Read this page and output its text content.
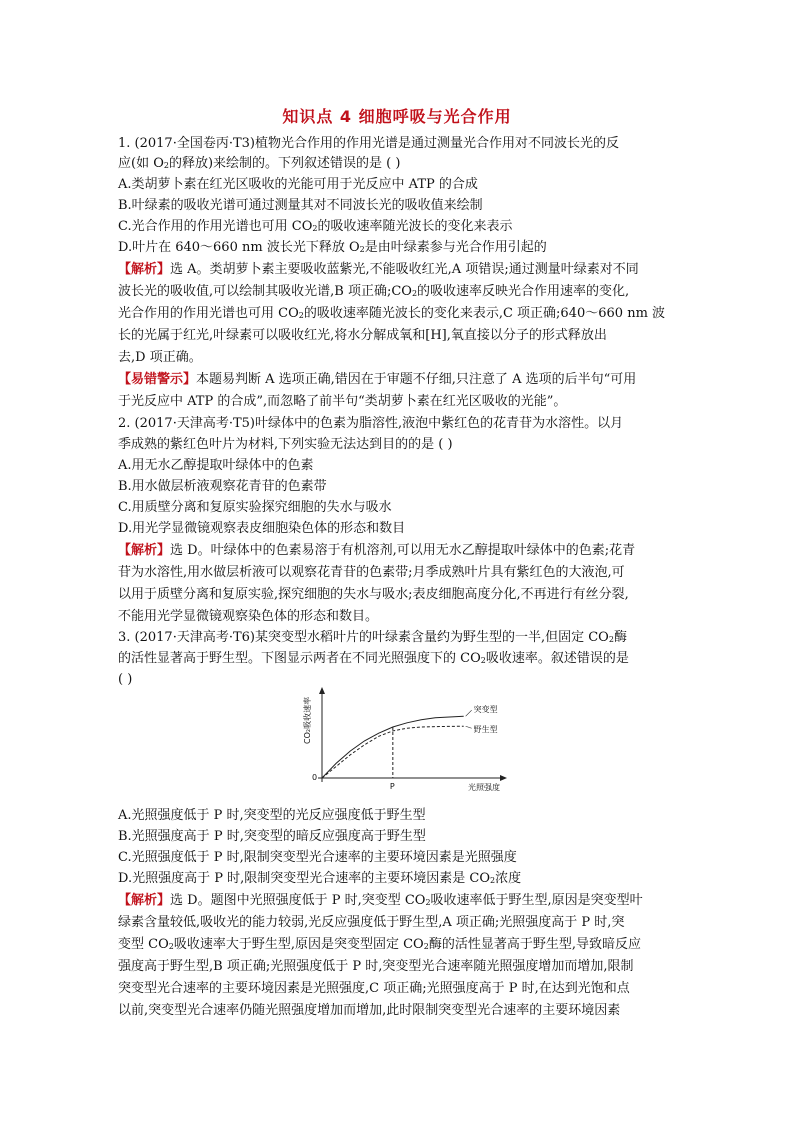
知识点 4 细胞呼吸与光合作用
1. (2017·全国卷丙·T3)植物光合作用的作用光谱是通过测量光合作用对不同波长光的反
应(如 $O_2$的释放)来绘制的。下列叙述错误的是 ( )
A.类胡萝卜素在红光区吸收的光能可用于光反应中 ATP 的合成
B.叶绿素的吸收光谱可通过测量其对不同波长光的吸收值来绘制
C.光合作用的作用光谱也可用 $CO_2$的吸收速率随光波长的变化来表示
D.叶片在 640～660 nm 波长光下释放 $O_2$是由叶绿素参与光合作用引起的
【解析】选 A。类胡萝卜素主要吸收蓝紫光,不能吸收红光,A 项错误;通过测量叶绿素对不同
波长光的吸收值,可以绘制其吸收光谱,B 项正确$;CO_2$的吸收速率反映光合作用速率的变化,
光合作用的作用光谱也可用 $CO_2$的吸收速率随光波长的变化来表示,C 项正确;640～660 nm 波
长的光属于红光,叶绿素可以吸收红光,将水分解成氧和[H],氧直接以分子的形式释放出
去,D 项正确。
【易错警示】本题易判断 A 选项正确,错因在于审题不仔细,只注意了 A 选项的后半句“可用
于光反应中 ATP 的合成”,而忽略了前半句“类胡萝卜素在红光区吸收的光能”。
2. (2017·天津高考·T5)叶绿体中的色素为脂溶性,液泡中紫红色的花青苷为水溶性。以月
季成熟的紫红色叶片为材料,下列实验无法达到目的的是 ( )
A.用无水乙醇提取叶绿体中的色素
B.用水做层析液观察花青苷的色素带
C.用质壁分离和复原实验探究细胞的失水与吸水
D.用光学显微镜观察表皮细胞染色体的形态和数目
【解析】选 D。叶绿体中的色素易溶于有机溶剂,可以用无水乙醇提取叶绿体中的色素;花青
苷为水溶性,用水做层析液可以观察花青苷的色素带;月季成熟叶片具有紫红色的大液泡,可
以用于质壁分离和复原实验,探究细胞的失水与吸水;表皮细胞高度分化,不再进行有丝分裂,
不能用光学显微镜观察染色体的形态和数目。
3. (2017·天津高考·T6)某突变型水稻叶片的叶绿素含量约为野生型的一半,但固定 $CO_2$酶
的活性显著高于野生型。下图显示两者在不同光照强度下的 $CO_2$吸收速率。叙述错误的是
( )
突变型
野生型
P
0
光照强度
CO₂吸收速率
A.光照强度低于 P 时,突变型的光反应强度低于野生型
B.光照强度高于 P 时,突变型的暗反应强度高于野生型
C.光照强度低于 P 时,限制突变型光合速率的主要环境因素是光照强度
D.光照强度高于 P 时,限制突变型光合速率的主要环境因素是 $CO_2$浓度
【解析】选 D。题图中光照强度低于 P 时,突变型 $CO_2$吸收速率低于野生型,原因是突变型叶
绿素含量较低,吸收光的能力较弱,光反应强度低于野生型,A 项正确;光照强度高于 P 时,突
变型 $CO_2$吸收速率大于野生型,原因是突变型固定 $CO_2$酶的活性显著高于野生型,导致暗反应
强度高于野生型,B 项正确;光照强度低于 P 时,突变型光合速率随光照强度增加而增加,限制
突变型光合速率的主要环境因素是光照强度,C 项正确;光照强度高于 P 时,在达到光饱和点
以前,突变型光合速率仍随光照强度增加而增加,此时限制突变型光合速率的主要环境因素
